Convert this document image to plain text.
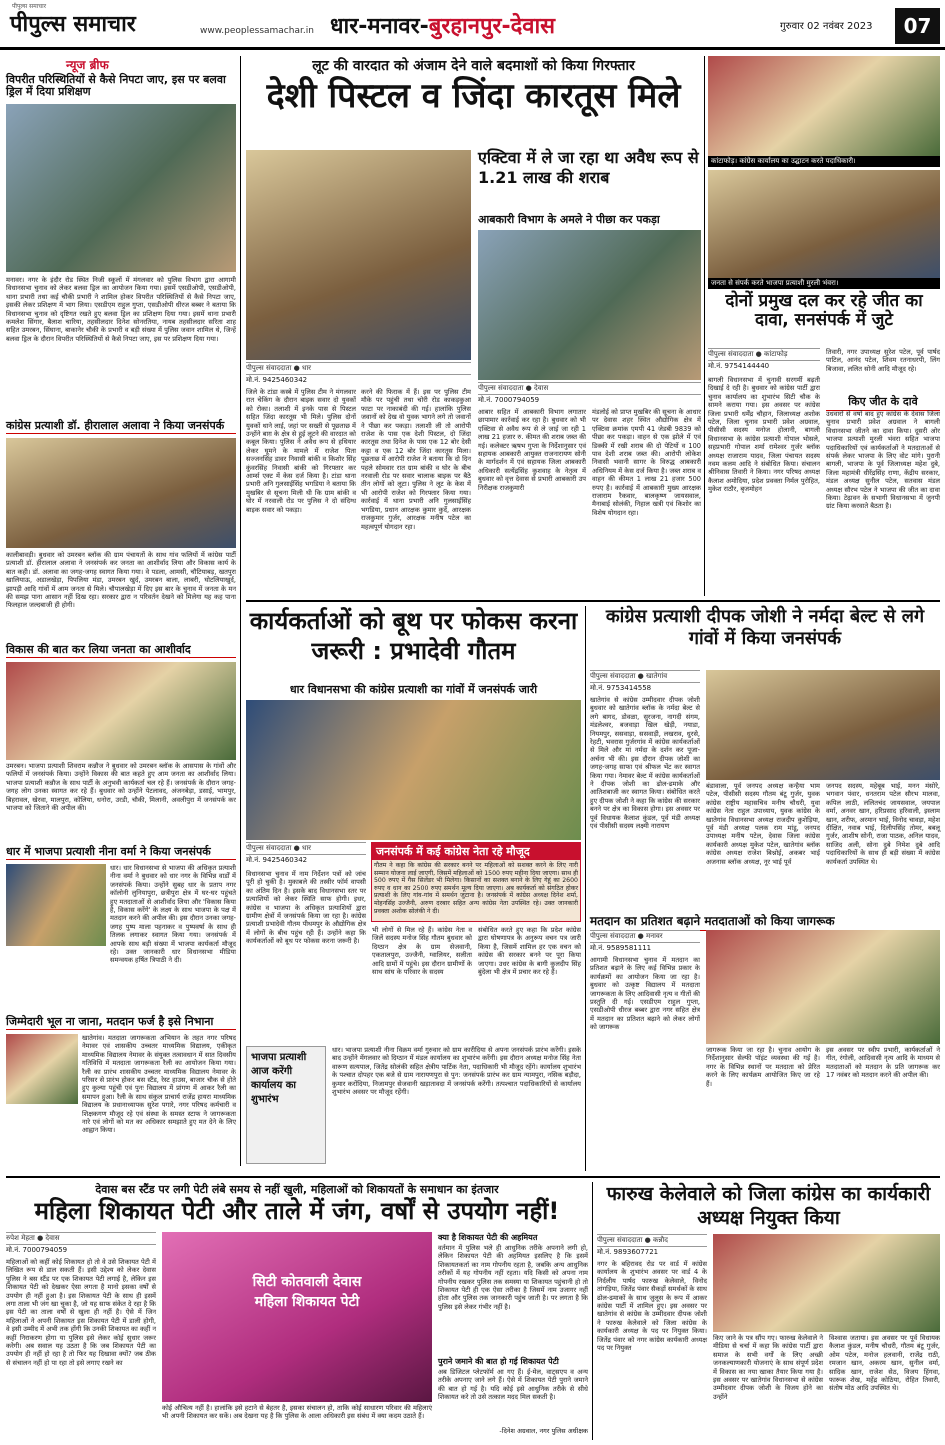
पीपुल्स समाचार
पीपुल्स समाचार
www.peoplessamachar.in धार-मनावर-बुरहानपुर-देवास	गुरुवार 02 नवंबर 2023	07
न्यूज ब्रीफ
विपरीत परिस्थितियों से कैसे निपटा जाए, इस पर बलवा ड्रिल में दिया प्रशिक्षण
मनावर। नगर के इंदौर रोड स्थित निजी स्कूलों में मंगलवार को पुलिस विभाग द्वारा आगामी विधानसभा चुनाव को लेकर बलवा ड्रिल का आयोजन किया गया। इसमें एसडीओपी, एसडीओपी, थाना प्रभारी तथा कई चौकी प्रभारी ने शामिल होकर विपरीत परिस्थितियों से कैसे निपटा जाए, इसकी लेकर प्रशिक्षण में भाग लिया। एसडीएम राहुल गुप्ता, एसडीओपी धीरज बब्बर ने बताया कि विधानसभा चुनाव को दृष्टिगत रखते हुए बलवा ड्रिल का प्रशिक्षण दिया गया। इसमें थाना प्रभारी कमलेश सिंगार, बैलाश चारिया, तहसीलदार दिनेश सोनरतिया, नायब तहसीलदार सरिता शाह सहित उमरबन, सिंघाना, बाकानेर चौकी के प्रभारी व बड़ी संख्या में पुलिस जवान शामिल थे, जिन्हें बलवा ड्रिल के दौरान विपरीत परिस्थितियों से कैसे निपटा जाए, इस पर प्रशिक्षण दिया गया।
कांग्रेस प्रत्याशी डॉ. हीरालाल अलावा ने किया जनसंपर्क
कालीबावड़ी। बुधवार को उमरबन ब्लॉक की ग्राम पंचायतों के साथ गांव फलियों में कांग्रेस पार्टी प्रत्याशी डॉ. हीरालाल अलावा ने जनसंपर्क कर जनता का आशीर्वाद लिया और विकास कार्य के बात कही। डॉ. अलावा का जगह-जगह स्वागत किया गया। वे पडला, आमसी, चौटियाबड़, खतपुरा खालियाऊ, अडालखेड़ा, पिपलिया मंडा, उमरबन खुर्द, उमरबन बाला, लाबरी, घोटलियाखुर्द, झापड़ी आदि गांवों में आम जनता से मिले। चौपालखेड़ा में दिए इस बार के चुनाव में जनता के मन की समझ पाना आसान नहीं दिख रहा। सरकार द्वारा न परिवर्तन देखने को मिलेगा यह कह पाना फिलहाल जल्दबाजी ही होगी।
विकास की बात कर लिया जनता का आशीर्वाद
उमरबन। भाजपा प्रत्याशी शिवराम कन्नौज ने बुधवार को उमरबन ब्लॉक के आसपास के गांवों और फलियों में जनसंपर्क किया। उन्होंने विकास की बात कहते हुए आम जनता का आशीर्वाद लिया। भाजपा प्रत्याशी कन्नौज के साथ पार्टी के अनुभवी कार्यकर्ता चल रहे हैं। जनसंपर्क के दौरान जगह-जगह लोग उनका स्वागत कर रहे हैं। बुधवार को उन्होंने पेटलावद, अंजनबेड़ा, डसाई, भामपुर, बिहरावल, खेरवा, मालपुरा, कोलिया, धनोरा, उरडी, चौकी, मिलानी, अवलीपुरा में जनसंपर्क कर भाजपा को जिताने की अपील की।
धार में भाजपा प्रत्याशी नीना वर्मा ने किया जनसंपर्क
धार। धार विधानसभा से भाजपा की अधिकृत प्रत्याशी नीना वर्मा ने बुधवार को धार नगर के विभिन्न वार्डों में जनसंपर्क किया। उन्होंने सुबह धार के प्रताप नगर कॉलोनी लुनियापुरा, छत्रीपुरा क्षेत्र में घर-घर पहुंचते हुए मतदाताओं से आशीर्वाद लिया और 'विकास किया है, विकास करेंगे' के लक्ष्य के साथ भाजपा के पक्ष में मतदान करने की अपील की। इस दौरान उनका जगह-जगह पुष्प माला पहनाकर व पुष्पवर्षा के साथ ही तिलक लगाकर स्वागत किया गया। जनसंपर्क में आपके साथ बड़ी संख्या में भाजपा कार्यकर्ता मौजूद रहे। उक्त जानकारी धार विधानसभा मीडिया समन्वयक हर्षित त्रिपाठी ने दी।
जिम्मेदारी भूल ना जाना, मतदान फर्ज है इसे निभाना
खातेगांव। मतदाता जागरूकता अभियान के तहत नगर परिषद नेमावर एवं शासकीय उच्चतर माध्यमिक विद्यालय, एकीकृत माध्यमिक विद्यालय नेमावर के संयुक्त तत्वावधान में सात दिवसीय गतिविधि में मतदाता जागरूकता रैली का आयोजन किया गया। रैली का प्रारंभ शासकीय उच्चतर माध्यमिक विद्यालय नेमावर के परिसर से प्रारंभ होकर बस स्टैंड, रेस्ट हाउस, बाजार चौक से होते हुए कुल्या पहुंची एवं पुनः विद्यालय में प्रांगण में आकर रैली का समापन हुआ। रैली के साथ संकुल प्राचार्य राजेंद्र हायरा माध्यमिक विद्यालय के प्रधानाध्यापक सुरेश पगारे, नगर परिषद कर्मचारी व शिक्षकगण मौजूद रहे एवं संस्था के समस्त स्टाफ ने जागरूकता नारे एवं लोगों को मत का अधिकार समझाते हुए मत देने के लिए आह्वान किया।
लूट की वारदात को अंजाम देने वाले बदमाशों को किया गिरफ्तार
देशी पिस्टल व जिंदा कारतूस मिले
पीपुल्स संवाददाता ● धार
मो.नं. 9425460342
जिले के टांडा कस्बे में पुलिस टीम ने मंगलवार रात चेकिंग के दौरान बाइक सवार दो युवकों को रोका। तलाशी में इनके पास से पिस्टल सहित जिंदा कारतूस भी मिले। पुलिस दोनों युवकों थाने लाई, जहां पर सख्ती से पूछताछ में उन्होंने बाग़ के क्षेत्र से हुई लूटने की वारदात को कबूल किया। पुलिस ने अवैध रूप से हथियार लेकर घूमने के मामले में राजेश पिता सज्जनसिंह डावर निवासी बांकी व किशोर सिंह कुंवरसिंह निवासी बांकी को गिरफ्तार कर आर्म्स एक्ट में केस दर्ज किया है। टांडा थाना प्रभारी अनि गुलसाईसिंह भगडिया ने बताया कि मुखबिर से सूचना मिली थी कि ग्राम बांकी व घोर में नरवाली रोड पर पुलिस ने दो संदिग्ध बाइक सवार को पकड़ा।
एक्टिवा में ले जा रहा था अवैध रूप से 1.21 लाख की शराब
आबकारी विभाग के अमले ने पीछा कर पकड़ा
पीपुल्स संवाददाता ● देवास
मो.नं. 7000794059
आबार सहित में आबकारी विभाग लगातार छापामार कार्रवाई कर रहा है। बुधवार को भी एक्टिवा से अवैध रूप से ले जाई जा रही 1 लाख 21 हजार रु. कीमत की शराब जब्त की गई। कलेक्टर ऋषभ गुप्ता के निर्देशानुसार एवं सहायक आबकारी आयुक्त राजनारायण सोनी के मार्गदर्शन में एवं सहायक जिला आबकारी अधिकारी सत्येंद्रसिंह कुशवाह के नेतृत्व में बुधवार को वृत्त देवास से प्रभारी आबकारी उप निरीक्षक राजकुमारी
मंडलोई को प्राप्त मुखबिर की सूचना के आधार पर देवास शहर स्थित औद्योगिक क्षेत्र में एक्टिवा क्रमांक एमपी 41 जेडबी 9839 को पीछा कर पकड़ा। वाहन से एक झोले में एवं डिक्की में रखी शराब की दो पेटियों व 100 पाव देशी शराब जब्त की। आरोपी लोकेश निवासी भवानी सागर के विरुद्ध आबकारी अधिनियम में केस दर्ज किया है। जब्त शराब व वाहन की कीमत 1 लाख 21 हजार 500 रुपए है। कार्रवाई में आबकारी मुख्य आरक्षक राजाराम रैकवार, बालकृष्ण जायसवाल, मैनाबाई सोलंकी, निहाल खत्री एवं किशोर का विशेष योगदान रहा।
करने की फिराक में हैं। इस पर पुलिस टीम मौके पर पहुंची तथा चोरी रोड काकड़कुआ फाटा पर नाकाबंदी की गई। हालांकि पुलिस जवानों को देख वो युवक भागने लगे तो जवानों ने पीछा कर पकड़ा। तलाशी ली तो आरोपी राजेश के पास एक देशी पिस्टल, दो जिंदा कारतूस तथा दिनेश के पास एक 12 बोर देसी कट्टा व एक 12 बोर जिंदा कारतूस मिला। पूछताछ में आरोपी राजेश ने बताया कि दो दिन पहले सोमवार रात ग्राम बांकी व घोर के बीच नरवाली रोड पर सवार चालाक बाइक पर बैठे तीन लोगों को लूटा। पुलिस ने लूट के केस में भी आरोपी राजेश को गिरफ्तार किया गया। कार्रवाई में थाना प्रभारी अनि गुलसाईसिंह भगडिया, प्रधान आरक्षक कुमार कुर्दे, आरक्षक राजकुमार गुर्जर, आरक्षक मनीष पटेल का महत्वपूर्ण योगदान रहा।
कांटाफोड़। कांग्रेस कार्यालय का उद्घाटन करते पदाधिकारी।
जनता से संपर्क करते भाजपा प्रत्याशी मुरली भंवरा।
दोनों प्रमुख दल कर रहे जीत का दावा, सनसंपर्क में जुटे
पीपुल्स संवाददाता ● कांटाफोड़
मो.नं. 9754144440
बागली विधानसभा में चुनावी सरगर्मी बढ़ती दिखाई दे रही है। बुधवार को कांग्रेस पार्टी द्वारा चुनाव कार्यालय का शुभारंभ सिटी चौक के सामने कराया गया। इस अवसर पर कांग्रेस जिला प्रभारी धर्मेंद्र चौहान, जिलाध्यक्ष अशोक पटेल, जिला चुनाव प्रभारी प्रवेश अग्रवाल, पीसीसी सदस्य मनोज होलानी, बागली विधानसभा के कांग्रेस प्रत्याशी गोपाल भोसले, सहप्रभारी गोपाल शर्मा रामेश्वर गुर्जर ब्लॉक अध्यक्ष राजाराम यादव, जिला पंचायत सदस्य नवम कलम आदि ने संबोधित किया। संचालन श्रीनिवास तिवारी ने किया। नगर परिषद अध्यक्ष कैलाश अमोदिया, प्रदेश प्रवक्ता निर्मल पुरोहित, मुकेश राठौर, बृजमोहन
तिवारी, नगर उपाध्यक्ष सुरेश पटेल, पूर्व पार्षद पाटिल, आनंद पटेल, शिवम रतनाधरपी, लिंग बिजावा, ललित सोनी आदि मौजूद रहे।
किए जीत के दावे
उधवारों से वर्षो बाद हुए कांग्रेस के देवास जिला चुनाव प्रभारी प्रवेश अग्रवाल ने बागली विधानसभा जीतने का दावा किया। दूसरी ओर भाजपा प्रत्याशी मुरली भंवरा सहित भाजपा पदाधिकारियों एवं कार्यकर्ताओं ने मतदाताओं से संपर्क लेकर भाजपा के लिए वोट मांगे। पुरानी बागली, भाजपा के पूर्व जिलाध्यक्ष महेश दुबे, जिला महामंत्री धीरेंद्रसिंह राणा, केंद्रीय सरकार, मंडल अध्यक्ष सुनील पटेल, सतवास मंडल अध्यक्ष सौरभ पटेल ने भाजपा की जीत का दावा किया। टेढ़ावन के सभागी विधानसभा में जुनपी ग्रांट किया करवाते बैठता है।
कार्यकर्ताओं को बूथ पर फोकस करना जरूरी : प्रभादेवी गौतम
धार विधानसभा की कांग्रेस प्रत्याशी का गांवों में जनसंपर्क जारी
पीपुल्स संवाददाता ● धार
मो.नं. 9425460342
जनसंपर्क में कई कांग्रेस नेता रहे मौजूद
गौतम ने कहा कि कांग्रेस की सरकार बनने पर महिलाओं को सशक्त करने के लिए नारी सम्मान योजना लाई जाएगी, जिसमें महिलाओं को 1500 रुपए महीना दिया जाएगा। साथ ही 500 रुपए में गैस सिलेंडर भी मिलेगा। किसानों का सशक्त बनाने के लिए गेहूं का 2600 रुपए व धान का 2500 रुपए समर्थन मूल्य दिया जाएगा। अब कार्यकर्ता को संगठित होकर प्रत्याशी के लिए गांव-गांव में समर्थन जुटाना है। जनसंपर्क में कांग्रेस अध्यक्ष दिनेश शर्मा, मोहनसिंह उज्जैनी, अरुण दरबार सहित अन्य कांग्रेस नेता उपस्थित रहे। उक्त जानकारी प्रवक्ता अशोक सोलंकी ने दी।
विधानसभा चुनाव में नाम निर्देशन पत्रों को जांच पूरी हो चुकी है। मुकाबले की तस्वीर फॉर्म वापसी का अंतिम दिन है। इसके बाद विधानसभा स्तर पर प्रत्याशियों को लेकर स्थिति साफ होगी। इधर, कांग्रेस व भाजपा के अधिकृत प्रत्याशियों द्वारा ग्रामीण क्षेत्रों में जनसंपर्क किया जा रहा है। कांग्रेस प्रत्याशी प्रभादेवी गौतम पीथमपुर के औद्योगिक क्षेत्र में लोगों के बीच पहुंच रही हैं। उन्होंने कहा कि कार्यकर्ताओं को बूथ पर फोकस करना जरूरी है।
भी लोगों से मिल रहे हैं। कांग्रेस नेता व जिलें सदस्य मनोज सिंह गौतम बुधवार को दिग्ठान क्षेत्र के ग्राम सेजवानी, एकतालपुरा, उज्जैनी, ग्वालियर, सलीता आदि ग्रामों में पहुंचे। इस दौरान ग्रामीणों के साथ सांघ के परिवार के सदस्य
संबोधित करते हुए कहा कि प्रदेश कांग्रेस द्वारा घोषणापत्र के अनुरूप वचन पत्र जारी किया है, जिसमें शामिल हर एक वचन को कांग्रेस की सरकार बनने पर पूरा किया जाएगा। उधर कांग्रेस के बागी कुलदीप सिंह बुंदेला भी क्षेत्र में प्रचार कर रहे हैं।
भाजपा प्रत्याशी आज करेंगी कार्यालय का शुभारंभ
धार। भाजपा प्रत्याशी नीना विक्रम वर्मा गुरुवार को ग्राम कारीदिया से अपना जनसंपर्क प्रारंभ करेंगी। इसके बाद उन्होंने मेंगलवार को दिग्ठान में मंडल कार्यालय का शुभारंभ करेंगी। इस दौरान अध्यक्ष मनोज सिंह नेता वारूण सत्यपाल, जितेंद्र सोलंकी सहित क्षेत्रीय पार्टिक नेता, पदाधिकारी भी मौजूद रहेंगे। कार्यालय शुभारंभ के पश्चात दोपहर एक बजे से ग्राम नारायणपुरा से पुन: जनसंपर्क प्रारंभ कर ग्राम न्यामपुरा, नसिक बड़ौदा, कुमार करोंदिया, निजामपुर सेजवानी खड़ातावदा में जनसंपर्क करेंगी। तत्पश्चात पदाधिकारियों से कार्यालय शुभारंभ अवसर पर मौजूद रहेंगी।
कांग्रेस प्रत्याशी दीपक जोशी ने नर्मदा बेल्ट से लगे गांवों में किया जनसंपर्क
पीपुल्स संवाददाता ● खातेगांव
मो.नं. 9753414558
खातेगांव से कांग्रेस उम्मीदवार दीपक जोशी बुधवार को खातेगांव ब्लॉक के नर्मदा बेल्ट से लगे बागद, डोवळा, सुरजना, नागदी संगम, मंडलेश्वर, बजवाड़ा खिल खेड़ी, नयाडा, नियमपुर, ससवाड़ा, ससवाड़ी, लखराव, धुरसे, रेहटी, भवरास गुर्जरगांव में कांग्रेस कार्यकर्ताओं से मिले और मां नर्मदा के दर्शन कर पूजा-अर्चना भी की। इस दौरान दीपक जोशी का जगह-जगह साफा एवं श्रीफल भेंट कर स्वागत किया गया। नेमावर बेल्ट में कांग्रेस कार्यकर्ताओं ने दीपक जोशी का ढोल-ढमाके और आतिशबाजी कर स्वागत किया। संबोधित करते हुए दीपक जोशी ने कहा कि कांग्रेस की सरकार बनने पर क्षेत्र का विकास होगा। इस अवसर पर पूर्व विधायक कैलाश कुंडल, पूर्व मंडी अध्यक्ष एवं पीसीसी सदस्य लक्ष्मी नारायण
बंडावाला, पूर्व जनपद अध्यक्ष कन्हैया भाम पटेल, पीसीसी सदस्य गौतम बंटू गुर्जर, युवक कांग्रेस राष्ट्रीय महासचिव मनीष चौधरी, युवा कांग्रेस नेता राहुल उपाध्याय, युवक कांग्रेस के खातेगांव विधानसभा अध्यक्ष राजदीप कुशेड़िया, पूर्व मंडी अध्यक्ष पलक राम मांडू, जनपद उपाध्यक्ष मनीष पटेल, देवास जिला कांग्रेस कार्यकारी अध्यक्ष मुकेश पटेल, खातेगांव ब्लॉक कांग्रेस अध्यक्ष राजेश बिश्नोई, अकबर भाई अजनास ब्लॉक अध्यक्ष, नूर भाई पूर्व
जनपद सदस्य, महेबूब भाई, मनन मंसोरे, भगवान पंवार, धनतराम पटेल सौरभ मालवा, कपिल लाठी, ललितचंद जायसवाल, जयपाल वर्मा, अनवर खान, हरिप्रसाद हरिवाली, इस्लाम खान, शरीफ, अरमान भाई, विनोद चावड़ा, महेश दीक्षित, नवाब भाई, दिलीपसिंह तोमर, बबलू गुर्जर, आशीष सोनी, राजा पाठक, अनिल यादव, साजिद अली, सोना दुबे निमेश दुबे आदि पदाधिकारियों के साथ ही बड़ी संख्या में कांग्रेस कार्यकर्ता उपस्थित थे।
मतदान का प्रतिशत बढ़ाने मतदाताओं को किया जागरूक
पीपुल्स संवाददाता ● मनावर
मो.नं. 9589581111
आगामी विधानसभा चुनाव में मतदान का प्रतिशत बढ़ाने के लिए कई विभिन्न प्रकार के कार्यक्रमों का आयोजन किया जा रहा है। बुधवार को उत्कृष्ट विद्यालय में मतदाता जागरूकता के लिए आदिवासी नृत्य व गीतों की प्रस्तुति दी गई। एसडीएम राहुल गुप्ता, एसडीओपी धीरज बब्बर द्वारा नगर सहित क्षेत्र में मतदान का प्रतिशत बढ़ाने को लेकर लोगों को जागरूक
जागरूक किया जा रहा है। चुनाव आयोग के निर्देशानुसार सेल्फी पॉइंट व्यवस्था की गई है। नगर के विभिन्न स्थानों पर मतदाता को प्रेरित करने के लिए कार्यक्रम आयोजित किए जा रहे हैं।
इस अवसर पर स्वीप प्रभारी, कार्यकर्ताओं ने गीत, रंगोली, आदिवासी नृत्य आदि के माध्यम से मतदाताओं को मतदान के प्रति जागरूक कर 17 नवंबर को मतदान करने की अपील की।
देवास बस स्टैंड पर लगी पेटी लंबे समय से नहीं खुली, महिलाओं को शिकायतों के समाधान का इंतजार
महिला शिकायत पेटी और ताले में जंग, वर्षों से उपयोग नहीं!
रुपेश मेहता ● देवास
मो.नं. 7000794059
महिलाओं को कहीं कोई शिकायत हो तो वे उसे शिकायत पेटी में लिखित रूप से डाल सकती हैं। इसी उद्देश्य को लेकर देवास पुलिस ने बस स्टैंड पर एक शिकायत पेटी लगाई है, लेकिन इस शिकायत पेटी को देखकर ऐसा लगता है मानो इसका वर्षों से उपयोग ही नहीं हुआ है। इस शिकायत पेटी के साथ ही इसमें लगा ताला भी जंग खा चुका है, जो यह साफ संकेत दे रहा है कि इस पेटी का ताला वर्षों से खुला ही नहीं है। ऐसे में जिन महिलाओं ने अपनी शिकायत इस शिकायत पेटी में डाली होगी, वे इसी उम्मीद में अभी तक होंगी कि उनकी शिकायत का कहीं न कहीं निराकरण होगा या पुलिस इसे लेकर कोई सुधार जरूर करेगी। अब सवाल यह उठता है कि जब शिकायत पेटी का उपयोग ही नहीं हो रहा है तो फिर यह दिखावा क्यों? जब ठीक से संचालन नहीं हो पा रहा तो इसे लगाए रखने का
सिटी कोतवाली देवास महिला शिकायत पेटी
कोई औचित्य नहीं है। हालांकि इसे हटाने से बेहतर है, इसका संचालन हो, ताकि कोई साधारण परिवार की महिलाएं भी अपनी शिकायत कर सकें। अब देखना यह है कि पुलिस के आला अधिकारी इस संबंध में क्या कदम उठाते हैं।
क्या है शिकायत पेटी की अहमियत
वर्तमान में पुलिस भले ही आधुनिक तरीके अपनाने लगी हो, लेकिन शिकायत पेटी की अहमियत इसलिए है कि इसमें शिकायतकर्ता का नाम गोपनीय रहता है, जबकि अन्य आधुनिक तरीकों में यह गोपनीय नहीं रहता। यदि किसी को अपना नाम गोपनीय रखकर पुलिस तक समस्या या शिकायत पहुंचानी हो तो शिकायत पेटी ही एक ऐसा तरीका है जिसमें नाम उजागर नहीं होता और पुलिस तक जानकारी पहुंच जाती है। पर लगता है कि पुलिस इसे लेकर गंभीर नहीं है।
पुराने जमाने की बात हो गई शिकायत पेटी
अब डिजिटल प्लेटफॉर्म आ गए हैं। ई-मेल, वाट्सएप व अन्य तरीके अपनाए जाने लगे हैं। ऐसे में शिकायत पेटी पुराने जमाने की बात हो गई है। यदि कोई इसे आधुनिक तरीके से सीधे शिकायत करे तो उसे तत्काल मदद मिल सकती है।
-दिनेश अग्रवाल, नगर पुलिस अधीक्षक
फारुख केलेवाले को जिला कांग्रेस का कार्यकारी अध्यक्ष नियुक्त किया
पीपुल्स संवाददाता ● कन्नौद
मो.नं. 9893607721
नगर के बहिरावद रोड पर वार्ड में कांग्रेस कार्यालय के शुभारंभ अवसर पर वार्ड 4 के निर्दलीय पार्षद फारुख केलेवाले, विनोद तांगड़िया, जितेंद्र पंवार सैकड़ों समर्थकों के साथ ढोल-ढमाकों के साथ जुलूस के रूप में आकर कांग्रेस पार्टी में शामिल हुए। इस अवसर पर खातेगांव से कांग्रेस के उम्मीदवार दीपक जोशी ने फारुख केलेवाले को जिला कांग्रेस के कार्यकारी अध्यक्ष के पद पर नियुक्त किया। जितेंद्र पंवार को नगर कांग्रेस कार्यकारी अध्यक्ष पद पर नियुक्त
किए जाने के पत्र सौंप गए। फारुख केलेवाले ने मीडिया से चर्चा में कहा कि कांग्रेस पार्टी द्वारा समाज के सभी वर्गों के लिए अच्छी जनकल्याणकारी योजनाएं के साथ संपूर्ण प्रदेश में विकास का नया खाका तैयार किया गया है। इस अवसर पर खातेगांव विधानसभा से कांग्रेस उम्मीदवार दीपक जोशी के विजय होने का उन्होंने
विश्वास जताया। इस अवसर पर पूर्व विधायक कैलाश कुंडल, मनीष चौधरी, गौतम बंटू गुर्जर, ओम पटेल, मनोज हलवानी, राजेंद्र राठी, रमजान खान, अकरम खान, सुनील वर्मा, सादिक खान, राजेश सेठ, विजय हिंगवा, फारूक शेख, महेंद्र कोठिया, रोहित तिवारी, संतोष मोठ आदि उपस्थित थे।
